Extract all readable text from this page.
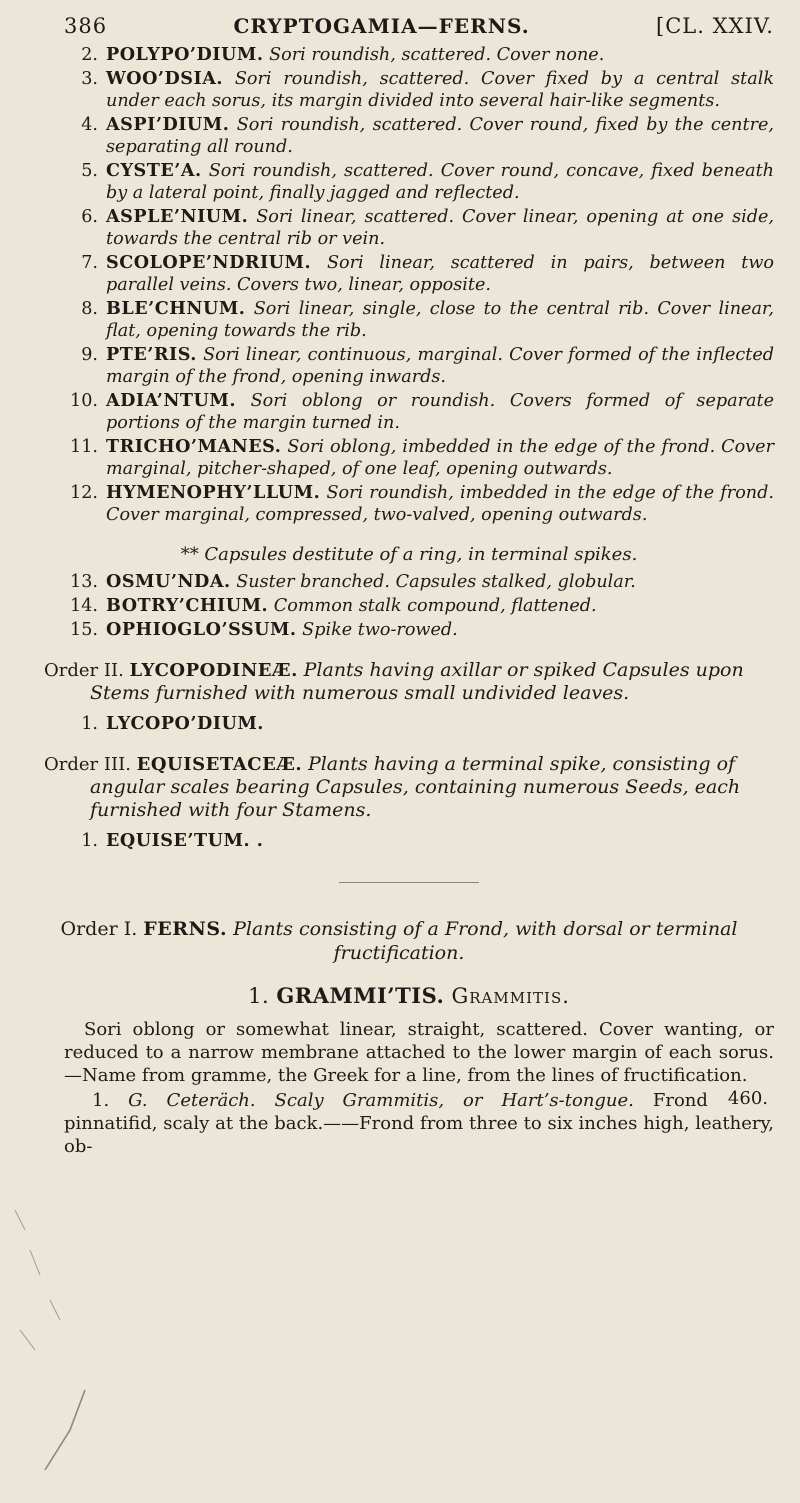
386	CRYPTOGAMIA—FERNS.	[CL. XXIV.
2. POLYPO’DIUM. Sori roundish, scattered. Cover none.
3. WOO’DSIA. Sori roundish, scattered. Cover fixed by a central stalk under each sorus, its margin divided into several hair-like segments.
4. ASPI’DIUM. Sori roundish, scattered. Cover round, fixed by the centre, separating all round.
5. CYSTE’A. Sori roundish, scattered. Cover round, concave, fixed beneath by a lateral point, finally jagged and reflected.
6. ASPLE’NIUM. Sori linear, scattered. Cover linear, opening at one side, towards the central rib or vein.
7. SCOLOPE’NDRIUM. Sori linear, scattered in pairs, between two parallel veins. Covers two, linear, opposite.
8. BLE’CHNUM. Sori linear, single, close to the central rib. Cover linear, flat, opening towards the rib.
9. PTE’RIS. Sori linear, continuous, marginal. Cover formed of the inflected margin of the frond, opening inwards.
10. ADIA’NTUM. Sori oblong or roundish. Covers formed of separate portions of the margin turned in.
11. TRICHO’MANES. Sori oblong, imbedded in the edge of the frond. Cover marginal, pitcher-shaped, of one leaf, opening outwards.
12. HYMENOPHY’LLUM. Sori roundish, imbedded in the edge of the frond. Cover marginal, compressed, two-valved, opening outwards.
** Capsules destitute of a ring, in terminal spikes.
13. OSMU’NDA. Suster branched. Capsules stalked, globular.
14. BOTRY’CHIUM. Common stalk compound, flattened.
15. OPHIOGLO’SSUM. Spike two-rowed.
Order II. LYCOPODINEÆ. Plants having axillar or spiked Capsules upon Stems furnished with numerous small undivided leaves.
1. LYCOPO’DIUM.
Order III. EQUISETACEÆ. Plants having a terminal spike, consisting of angular scales bearing Capsules, containing numerous Seeds, each furnished with four Stamens.
1. EQUISE’TUM. .
Order I. FERNS. Plants consisting of a Frond, with dorsal or terminal fructification.
1. GRAMMI’TIS. Grammitis.
Sori oblong or somewhat linear, straight, scattered. Cover wanting, or reduced to a narrow membrane attached to the lower margin of each sorus.—Name from gramme, the Greek for a line, from the lines of fructification.
460.
1. G. Ceteräch. Scaly Grammitis, or Hart’s-tongue. Frond pinnatifid, scaly at the back.——Frond from three to six inches high, leathery, ob-
